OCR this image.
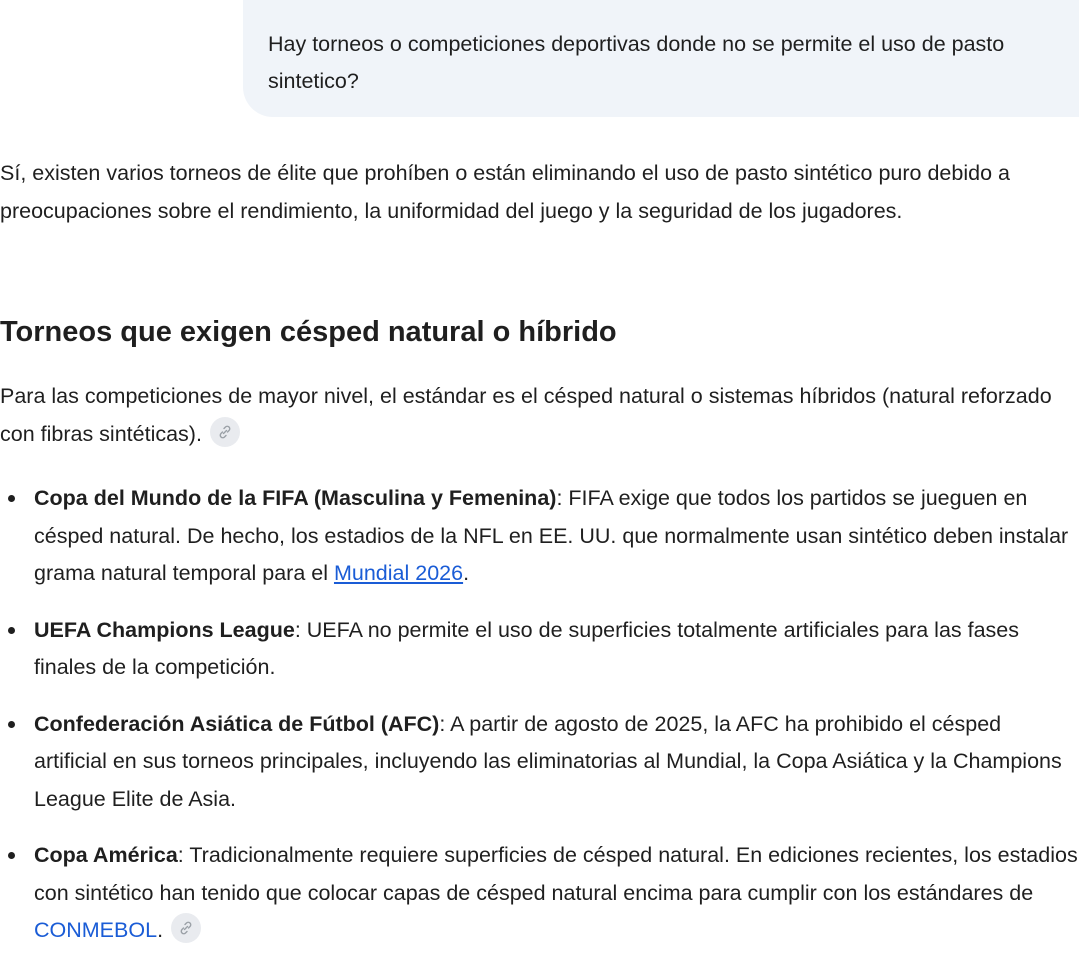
Hay torneos o competiciones deportivas donde no se permite el uso de pasto sintetico?

Sí, existen varios torneos de élite que prohíben o están eliminando el uso de pasto sintético puro debido a preocupaciones sobre el rendimiento, la uniformidad del juego y la seguridad de los jugadores.

Torneos que exigen césped natural o híbrido

Para las competiciones de mayor nivel, el estándar es el césped natural o sistemas híbridos (natural reforzado con fibras sintéticas).

Copa del Mundo de la FIFA (Masculina y Femenina): FIFA exige que todos los partidos se jueguen en césped natural. De hecho, los estadios de la NFL en EE. UU. que normalmente usan sintético deben instalar grama natural temporal para el Mundial 2026.
UEFA Champions League: UEFA no permite el uso de superficies totalmente artificiales para las fases finales de la competición.
Confederación Asiática de Fútbol (AFC): A partir de agosto de 2025, la AFC ha prohibido el césped artificial en sus torneos principales, incluyendo las eliminatorias al Mundial, la Copa Asiática y la Champions League Elite de Asia.
Copa América: Tradicionalmente requiere superficies de césped natural. En ediciones recientes, los estadios con sintético han tenido que colocar capas de césped natural encima para cumplir con los estándares de CONMEBOL.
